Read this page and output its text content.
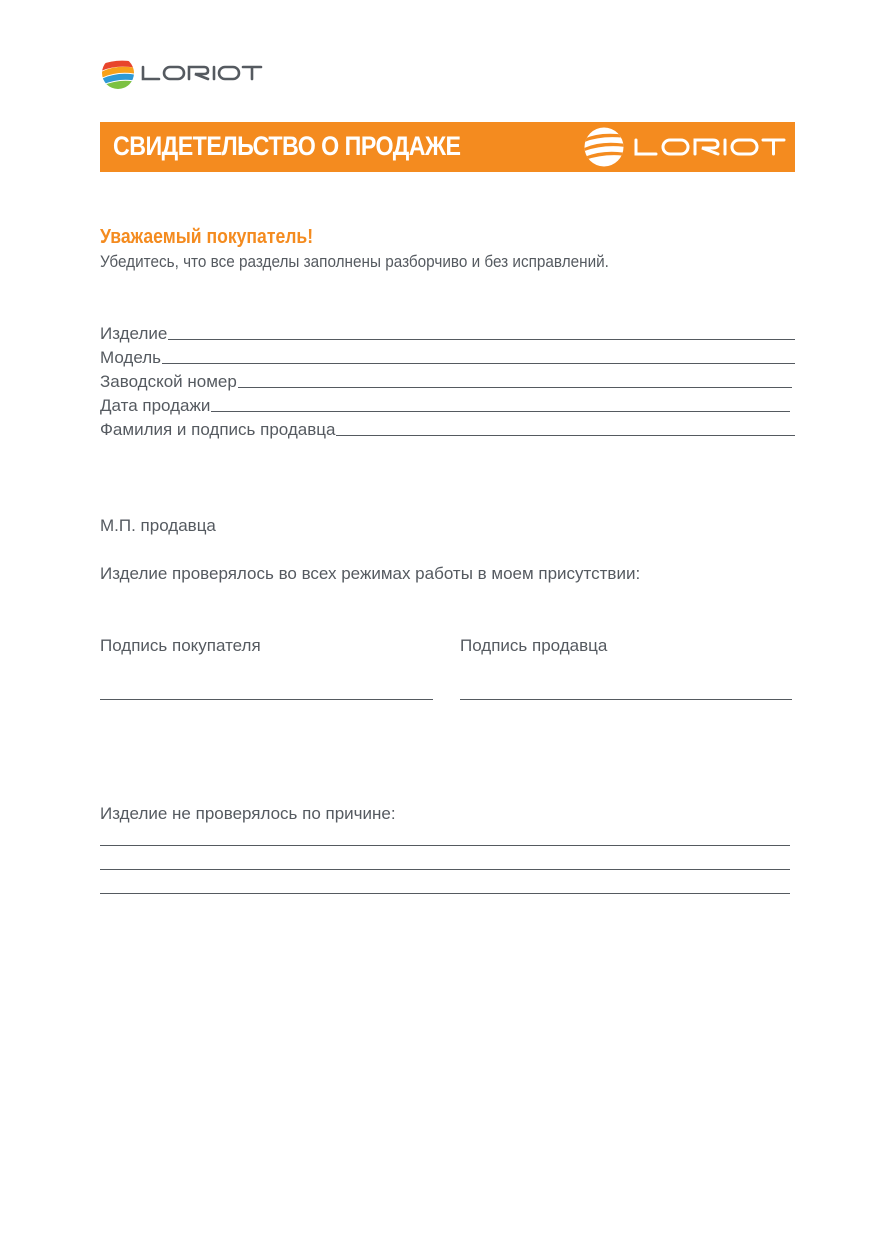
СВИДЕТЕЛЬСТВО О ПРОДАЖЕ
Уважаемый покупатель!
Убедитесь, что все разделы заполнены разборчиво и без исправлений.
Изделие
Модель
Заводской номер
Дата продажи
Фамилия и подпись продавца
М.П. продавца
Изделие проверялось во всех режимах работы в моем присутствии:
Подпись покупателя	Подпись продавца
Изделие не проверялось по причине:
